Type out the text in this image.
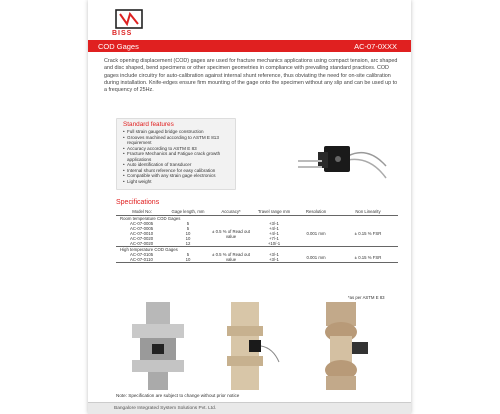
BISS
COD Gages	AC-07-0XXX

Crack opening displacement (COD) gages are used for fracture mechanics applications using compact tension, arc shaped and disc shaped, bend specimens or other specimen geometries in compliance with prevailing standard practices. COD gages include circuitry for auto-calibration against internal shunt reference, thus obviating the need for on-site calibration during installation. Knife-edges ensure firm mounting of the gage onto the specimen without any slip and can be used up to a frequency of 25Hz.

Standard features
• Full strain gauged bridge construction
• Grooves machined according to ASTM E 813 requirement
• Accuracy according to ASTM E 83
• Fracture Mechanics and Fatigue crack growth applications
• Auto identification of transducer
• Internal shunt reference for easy calibration
• Compatible with any strain gage electronics
• Light weight
Specifications
Model No:	Gage length, mm	Accuracy*	Travel range mm	Resolution	Non Linearity
Room temperature COD Gages					
AC-07-0005	5	± 0.5 % of Read out value	+3/-1	0.001 mm	± 0.15 % FSR
AC-07-0005	5		+4/-1		
AC-07-0010	10		+4/-1		
AC-07-0020	10		+7/-1		
AC-07-0020	12		+10/-1		
High temperature COD Gages					
AC-07-0105	5	± 0.5 % of Read out value	+3/-1	0.001 mm	± 0.15 % FSR
AC-07-0110	10		+3/-1		
*as per ASTM E 83
Note: Specification are subject to change without prior notice
Bangalore Integrated System Solutions Pvt. Ltd.
